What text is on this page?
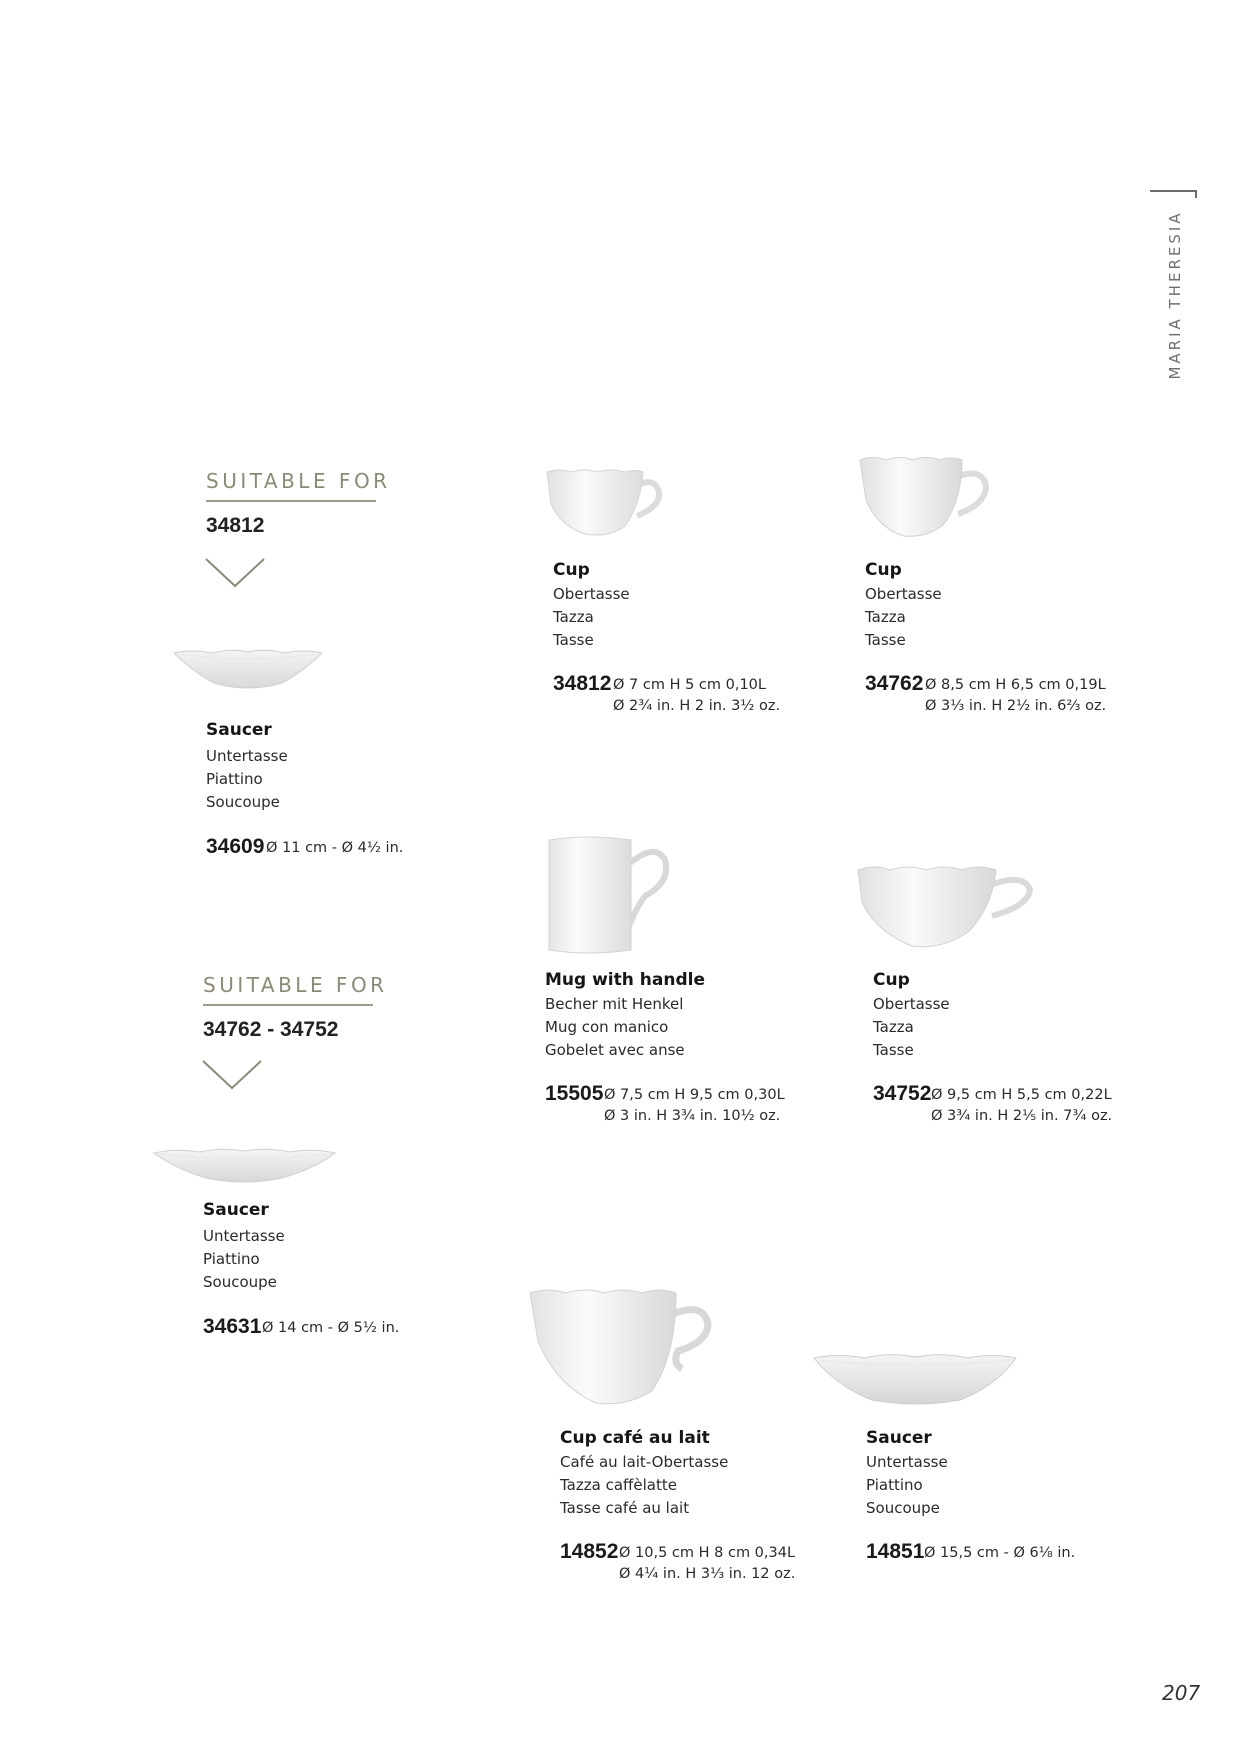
MARIA THERESIA
SUITABLE FOR
34812
Saucer
Untertasse
Piattino
Soucoupe
34609 Ø 11 cm - Ø 4½ in.
SUITABLE FOR
34762 - 34752
Saucer
Untertasse
Piattino
Soucoupe
34631 Ø 14 cm - Ø 5½ in.
Cup
Obertasse
Tazza
Tasse
34812 Ø 7 cm H 5 cm 0,10L
Ø 2¾ in. H 2 in. 3½ oz.
Cup
Obertasse
Tazza
Tasse
34762 Ø 8,5 cm H 6,5 cm 0,19L
Ø 3⅓ in. H 2½ in. 6⅔ oz.
Mug with handle
Becher mit Henkel
Mug con manico
Gobelet avec anse
15505 Ø 7,5 cm H 9,5 cm 0,30L
Ø 3 in. H 3¾ in. 10½ oz.
Cup
Obertasse
Tazza
Tasse
34752 Ø 9,5 cm H 5,5 cm 0,22L
Ø 3¾ in. H 2⅕ in. 7¾ oz.
Cup café au lait
Café au lait-Obertasse
Tazza caffèlatte
Tasse café au lait
14852 Ø 10,5 cm H 8 cm 0,34L
Ø 4¼ in. H 3⅓ in. 12 oz.
Saucer
Untertasse
Piattino
Soucoupe
14851 Ø 15,5 cm - Ø 6⅛ in.
207
